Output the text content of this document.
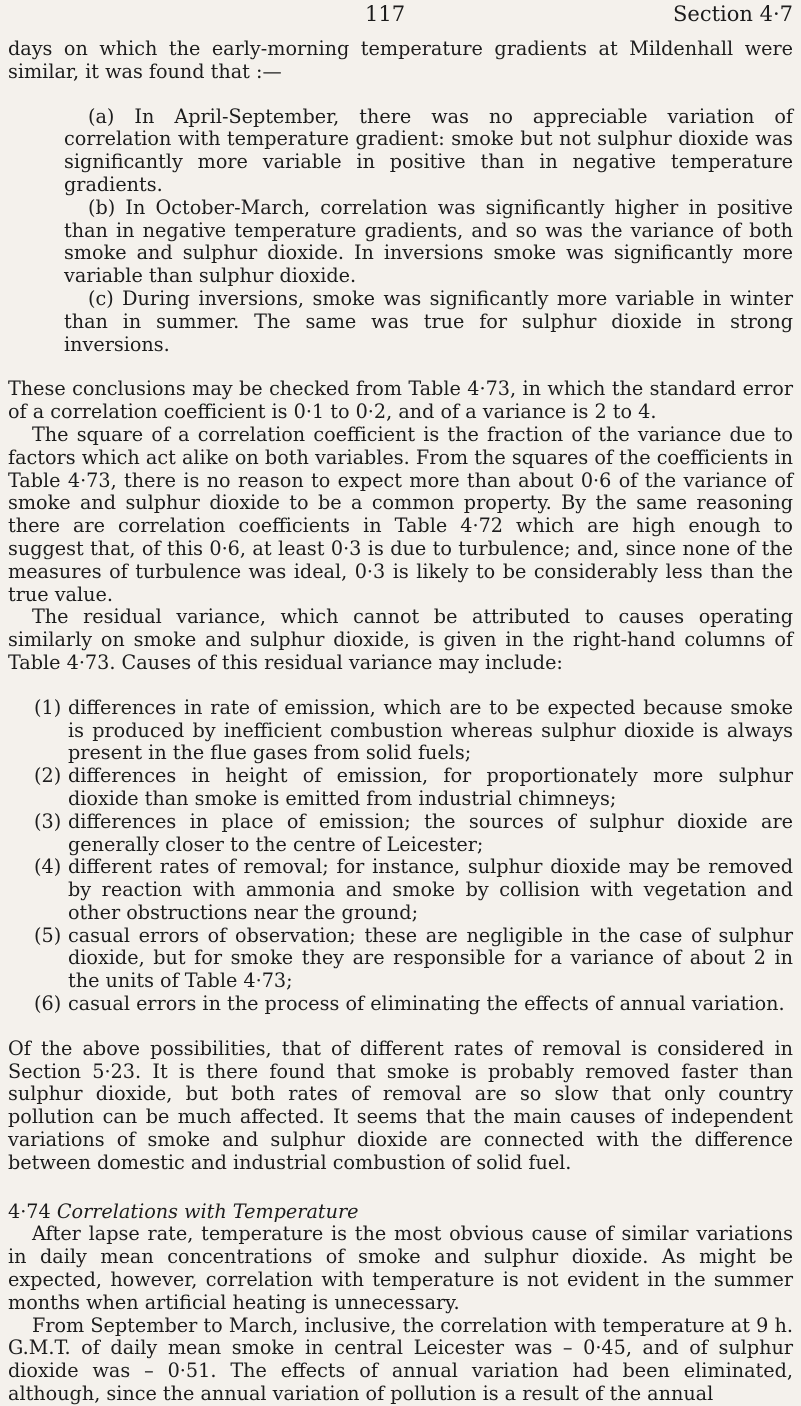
117	Section 4·7

days on which the early-morning temperature gradients at Mildenhall were similar, it was found that :—

(a) In April-September, there was no appreciable variation of correlation with temperature gradient: smoke but not sulphur dioxide was significantly more variable in positive than in negative temperature gradients.

(b) In October-March, correlation was significantly higher in positive than in negative temperature gradients, and so was the variance of both smoke and sulphur dioxide. In inversions smoke was significantly more variable than sulphur dioxide.

(c) During inversions, smoke was significantly more variable in winter than in summer. The same was true for sulphur dioxide in strong inversions.

These conclusions may be checked from Table 4·73, in which the standard error of a correlation coefficient is 0·1 to 0·2, and of a variance is 2 to 4.

The square of a correlation coefficient is the fraction of the variance due to factors which act alike on both variables. From the squares of the coefficients in Table 4·73, there is no reason to expect more than about 0·6 of the variance of smoke and sulphur dioxide to be a common property. By the same reasoning there are correlation coefficients in Table 4·72 which are high enough to suggest that, of this 0·6, at least 0·3 is due to turbulence; and, since none of the measures of turbulence was ideal, 0·3 is likely to be considerably less than the true value.

The residual variance, which cannot be attributed to causes operating similarly on smoke and sulphur dioxide, is given in the right-hand columns of Table 4·73. Causes of this residual variance may include:

(1) differences in rate of emission, which are to be expected because smoke is produced by inefficient combustion whereas sulphur dioxide is always present in the flue gases from solid fuels;
(2) differences in height of emission, for proportionately more sulphur dioxide than smoke is emitted from industrial chimneys;
(3) differences in place of emission; the sources of sulphur dioxide are generally closer to the centre of Leicester;
(4) different rates of removal; for instance, sulphur dioxide may be removed by reaction with ammonia and smoke by collision with vegetation and other obstructions near the ground;
(5) casual errors of observation; these are negligible in the case of sulphur dioxide, but for smoke they are responsible for a variance of about 2 in the units of Table 4·73;
(6) casual errors in the process of eliminating the effects of annual variation.

Of the above possibilities, that of different rates of removal is considered in Section 5·23. It is there found that smoke is probably removed faster than sulphur dioxide, but both rates of removal are so slow that only country pollution can be much affected. It seems that the main causes of independent variations of smoke and sulphur dioxide are connected with the difference between domestic and industrial combustion of solid fuel.

4·74 Correlations with Temperature

After lapse rate, temperature is the most obvious cause of similar variations in daily mean concentrations of smoke and sulphur dioxide. As might be expected, however, correlation with temperature is not evident in the summer months when artificial heating is unnecessary.

From September to March, inclusive, the correlation with temperature at 9 h. G.M.T. of daily mean smoke in central Leicester was – 0·45, and of sulphur dioxide was – 0·51. The effects of annual variation had been eliminated, although, since the annual variation of pollution is a result of the annual
